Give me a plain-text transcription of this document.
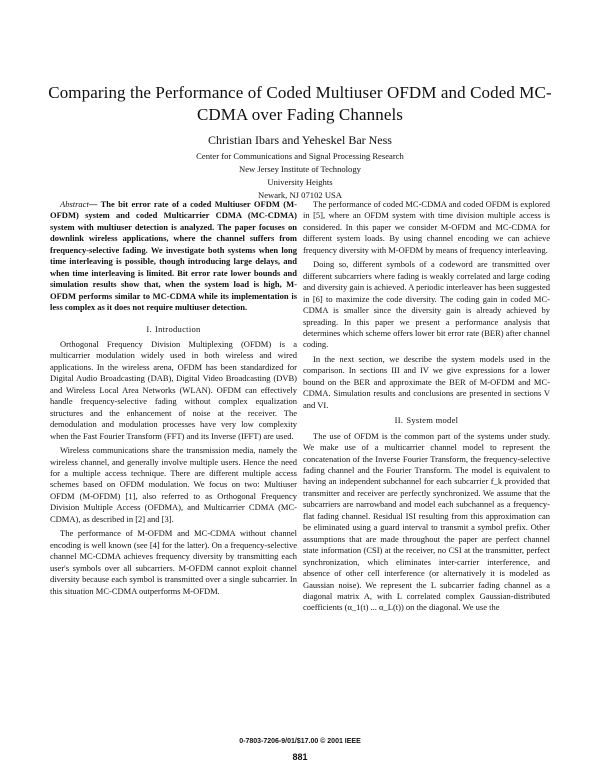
Comparing the Performance of Coded Multiuser OFDM and Coded MC-CDMA over Fading Channels
Christian Ibars and Yeheskel Bar Ness
Center for Communications and Signal Processing Research
New Jersey Institute of Technology
University Heights
Newark, NJ 07102 USA

Abstract— The bit error rate of a coded Multiuser OFDM (M-OFDM) system and coded Multicarrier CDMA (MC-CDMA) system with multiuser detection is analyzed. The paper focuses on downlink wireless applications, where the channel suffers from frequency-selective fading. We investigate both systems when long time interleaving is possible, though introducing large delays, and when time interleaving is limited. Bit error rate lower bounds and simulation results show that, when the system load is high, M-OFDM performs similar to MC-CDMA while its implementation is less complex as it does not require multiuser detection.

I. Introduction

Orthogonal Frequency Division Multiplexing (OFDM) is a multicarrier modulation widely used in both wireless and wired applications. In the wireless arena, OFDM has been standardized for Digital Audio Broadcasting (DAB), Digital Video Broadcasting (DVB) and Wireless Local Area Networks (WLAN). OFDM can effectively handle frequency-selective fading without complex equalization structures and the enhancement of noise at the receiver. The demodulation and modulation processes have very low complexity when the Fast Fourier Transform (FFT) and its Inverse (IFFT) are used.

Wireless communications share the transmission media, namely the wireless channel, and generally involve multiple users. Hence the need for a multiple access technique. There are different multiple access schemes based on OFDM modulation. We focus on two: Multiuser OFDM (M-OFDM) [1], also referred to as Orthogonal Frequency Division Multiple Access (OFDMA), and Multicarrier CDMA (MC-CDMA), as described in [2] and [3].

The performance of M-OFDM and MC-CDMA without channel encoding is well known (see [4] for the latter). On a frequency-selective channel MC-CDMA achieves frequency diversity by transmitting each user's symbols over all subcarriers. M-OFDM cannot exploit channel diversity because each symbol is transmitted over a single subcarrier. In this situation MC-CDMA outperforms M-OFDM.

The performance of coded MC-CDMA and coded OFDM is explored in [5], where an OFDM system with time division multiple access is considered. In this paper we consider M-OFDM and MC-CDMA for different system loads. By using channel encoding we can achieve frequency diversity with M-OFDM by means of frequency interleaving.

Doing so, different symbols of a codeword are transmitted over different subcarriers where fading is weakly correlated and large coding and diversity gain is achieved. A periodic interleaver has been suggested in [6] to maximize the code diversity. The coding gain in coded MC-CDMA is smaller since the diversity gain is already achieved by spreading. In this paper we present a performance analysis that determines which scheme offers lower bit error rate (BER) after channel coding.

In the next section, we describe the system models used in the comparison. In sections III and IV we give expressions for a lower bound on the BER and approximate the BER of M-OFDM and MC-CDMA. Simulation results and conclusions are presented in sections V and VI.

II. System model

The use of OFDM is the common part of the systems under study. We make use of a multicarrier channel model to represent the concatenation of the Inverse Fourier Transform, the frequency-selective fading channel and the Fourier Transform. The model is equivalent to having an independent subchannel for each subcarrier f_k provided that transmitter and receiver are perfectly synchronized. We assume that the subcarriers are narrowband and model each subchannel as a frequency-flat fading channel. Residual ISI resulting from this approximation can be eliminated using a guard interval to transmit a symbol prefix. Other assumptions that are made throughout the paper are perfect channel state information (CSI) at the receiver, no CSI at the transmitter, perfect synchronization, which eliminates inter-carrier interference, and absence of other cell interference (or alternatively it is modeled as Gaussian noise). We represent the L subcarrier fading channel as a diagonal matrix A, with L correlated complex Gaussian-distributed coefficients (α_1(t) ... α_L(t)) on the diagonal. We use the

0-7803-7206-9/01/$17.00 © 2001 IEEE
881
